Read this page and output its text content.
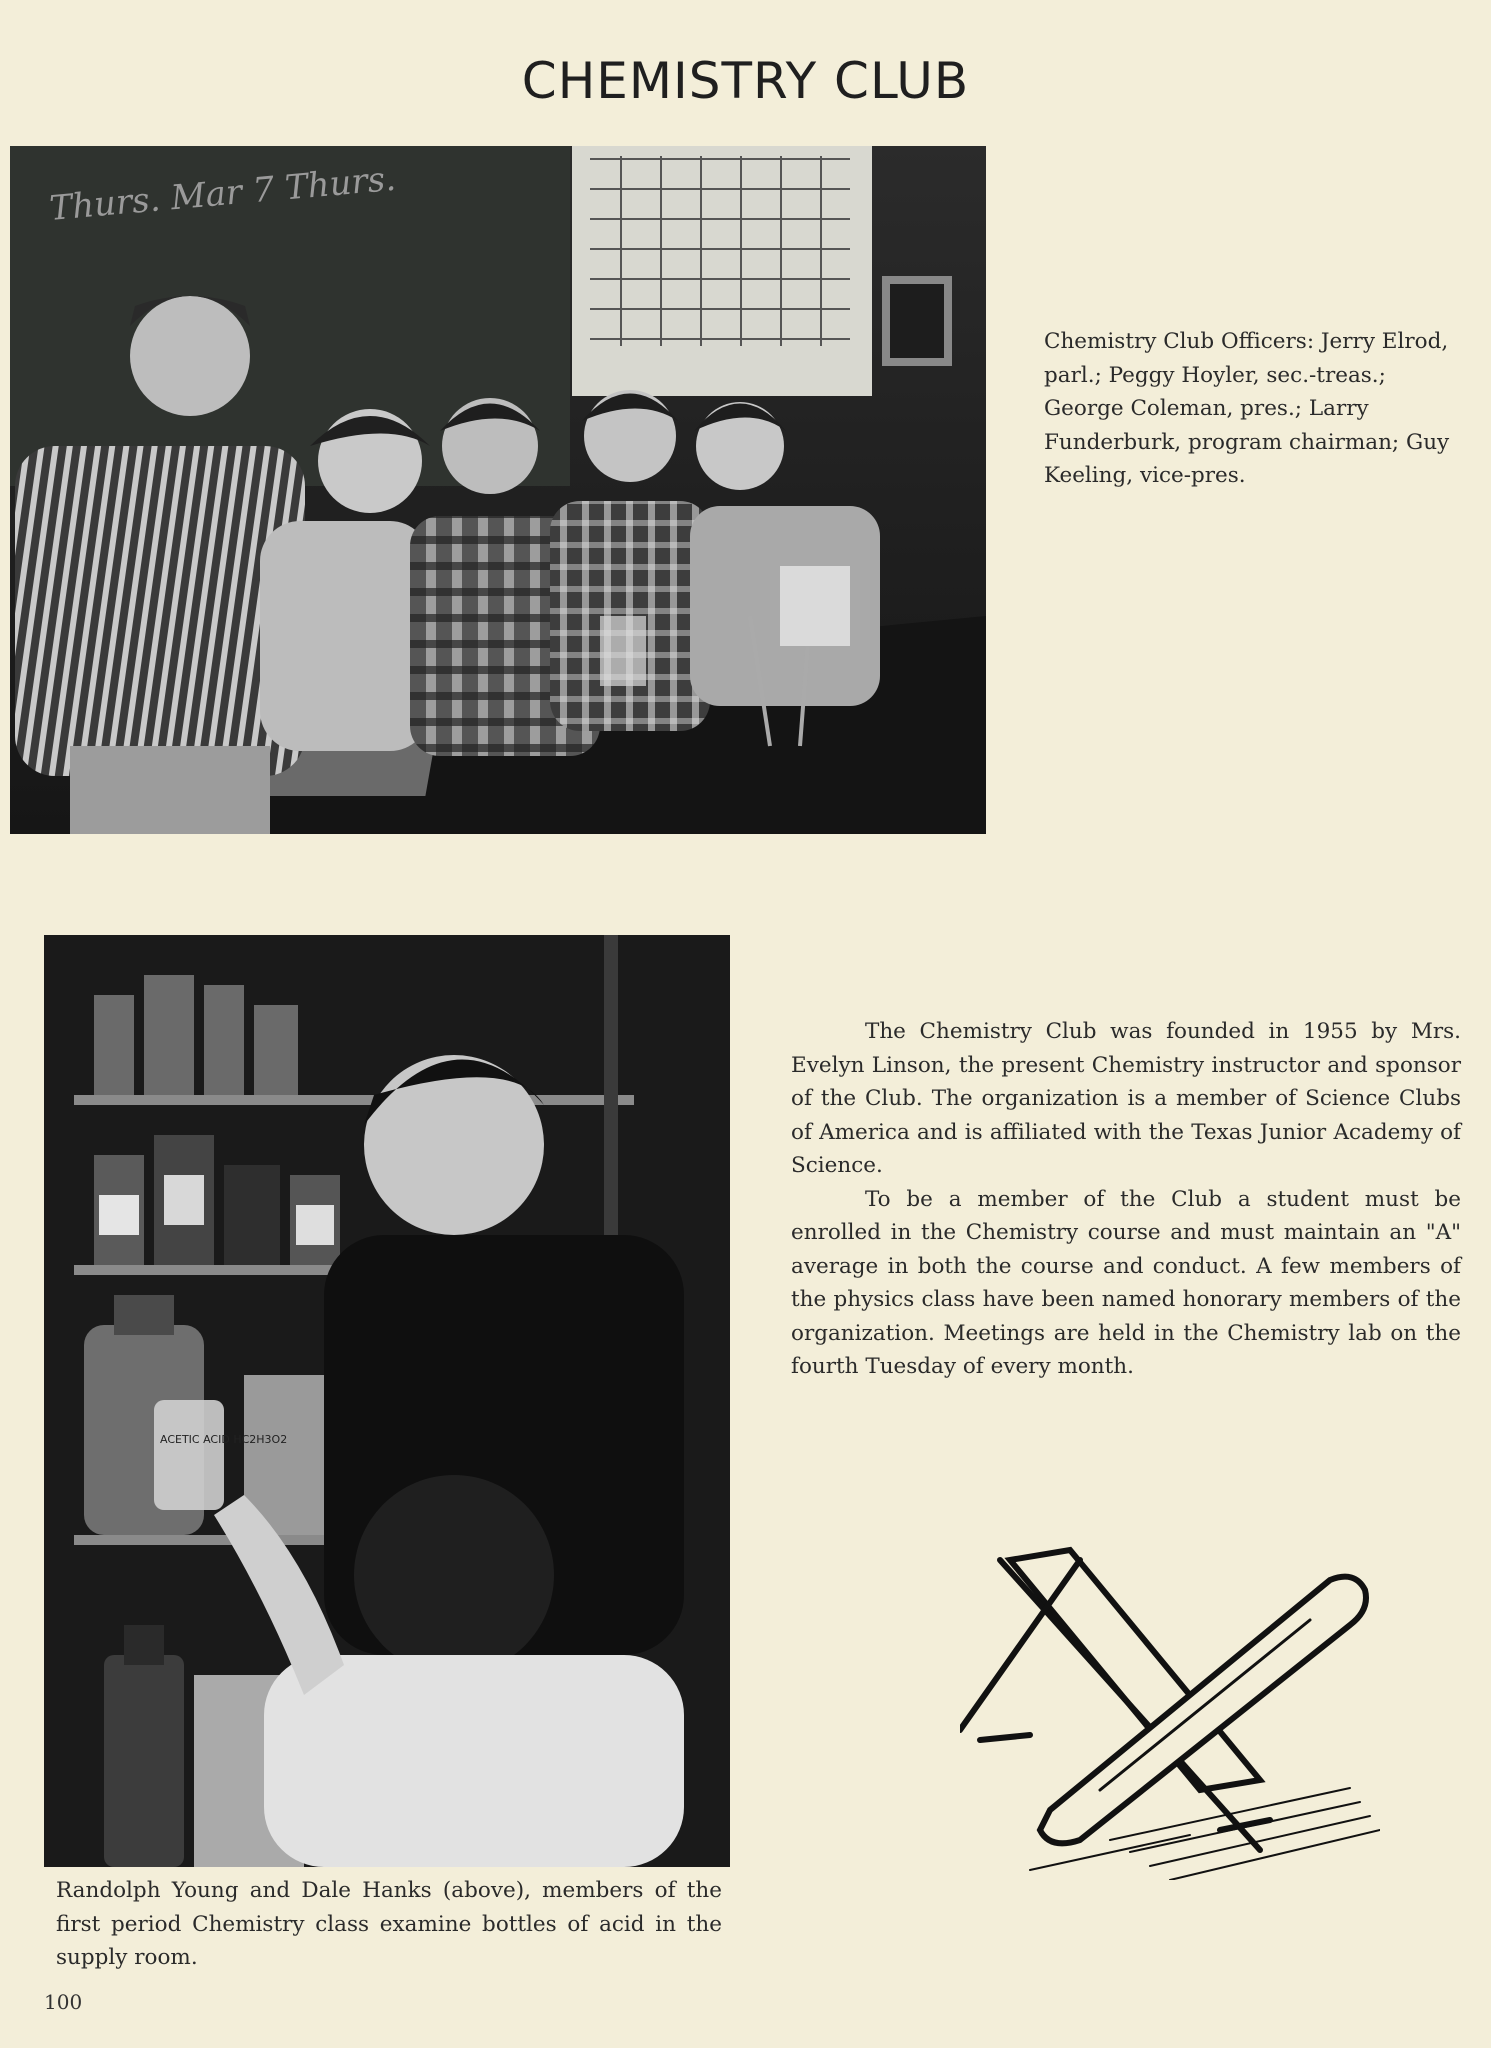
CHEMISTRY CLUB
Thurs. Mar 7 Thurs.
Chemistry Club Officers: Jerry Elrod, parl.; Peggy Hoyler, sec.-treas.; George Coleman, pres.; Larry Funderburk, program chairman; Guy Keeling, vice-pres.
ACETIC ACID HC2H3O2

The Chemistry Club was founded in 1955 by Mrs. Evelyn Linson, the present Chemistry instructor and sponsor of the Club. The organization is a member of Science Clubs of America and is affiliated with the Texas Junior Academy of Science.

To be a member of the Club a student must be enrolled in the Chemistry course and must maintain an "A" average in both the course and conduct. A few members of the physics class have been named honorary members of the organization. Meetings are held in the Chemistry lab on the fourth Tuesday of every month.

Randolph Young and Dale Hanks (above), members of the first period Chemistry class examine bottles of acid in the supply room.
100
